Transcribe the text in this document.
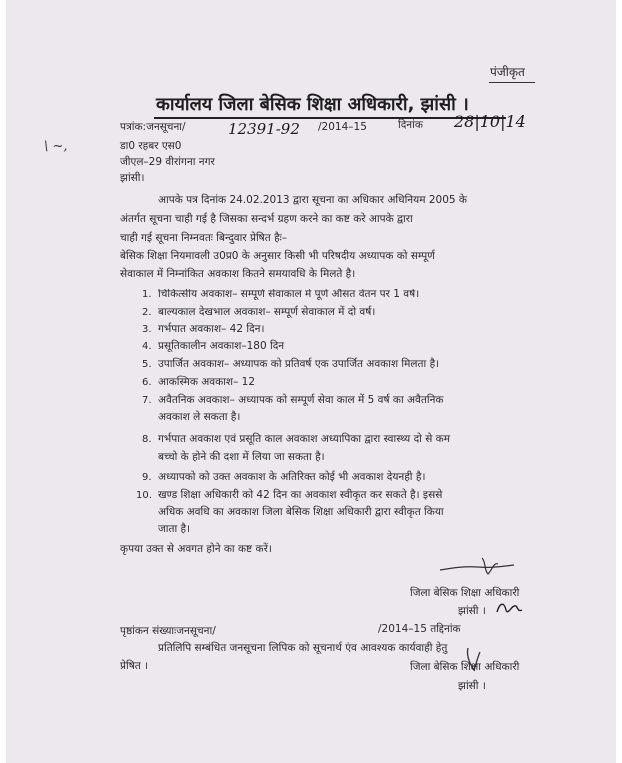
पंजीकृत
कार्यालय जिला बेसिक शिक्षा अधिकारी, झांसी ।
\ ~,
पत्रांक:जनसूचना/	12391-92 /2014–15	दिनांक 28|10|14
डा0 रहबर एस0
जीएल–29 वीरांगना नगर
झांसी।
आपके पत्र दिनांक 24.02.2013 द्वारा सूचना का अधिकार अधिनियम 2005 के
अंतर्गत सूचना चाही गई है जिसका सन्दर्भ ग्रहण करने का कष्ट करे आपके द्वारा
चाही गई सूचना निम्नवतः बिन्दुवार प्रेषित हैः–
बेसिक शिक्षा नियमावली उ0प्र0 के अनुसार किसी भी परिषदीय अध्यापक को सम्पूर्ण
सेवाकाल में निम्नांकित अवकाश कितने समयावधि के मिलते है।
1. चिकित्सीय अवकाश– सम्पूर्ण सेवाकाल में पूर्ण औसत वेतन पर 1 वर्ष।
2. बाल्यकाल देखभाल अवकाश– सम्पूर्ण सेवाकाल में दो वर्ष।
3. गर्भपात अवकाश– 42 दिन।
4. प्रसूतिकालीन अवकाश–180 दिन
5. उपार्जित अवकाश– अध्यापक को प्रतिवर्ष एक उपार्जित अवकाश मिलता है।
6. आकस्मिक अवकाश– 12
7. अवैतनिक अवकाश– अध्यापक को सम्पूर्ण सेवा काल में 5 वर्ष का अवैतनिक
अवकाश ले सकता है।
8. गर्भपात अवकाश एवं प्रसूति काल अवकाश अध्यापिका द्वारा स्वास्थ्य दो से कम
बच्चो के होने की दशा में लिया जा सकता है।
9. अध्यापको को उक्त अवकाश के अतिरिक्त कोई भी अवकाश देयनही है।
10. खण्ड शिक्षा अधिकारी को 42 दिन का अवकाश स्वीकृत कर सकते है। इससे
अधिक अवधि का अवकाश जिला बेसिक शिक्षा अधिकारी द्वारा स्वीकृत किया
जाता है।
कृपया उक्त से अवगत होने का कष्ट करें।
जिला बेसिक शिक्षा अधिकारी
झांसी ।
पृष्ठांकन संख्याःजनसूचना/	/2014–15 तद्दिनांक
प्रतिलिपि सम्बंधित जनसूचना लिपिक को सूचनार्थ एंव आवश्यक कार्यवाही हेतु
प्रेषित ।	जिला बेसिक शिक्षा अधिकारी
झांसी ।
